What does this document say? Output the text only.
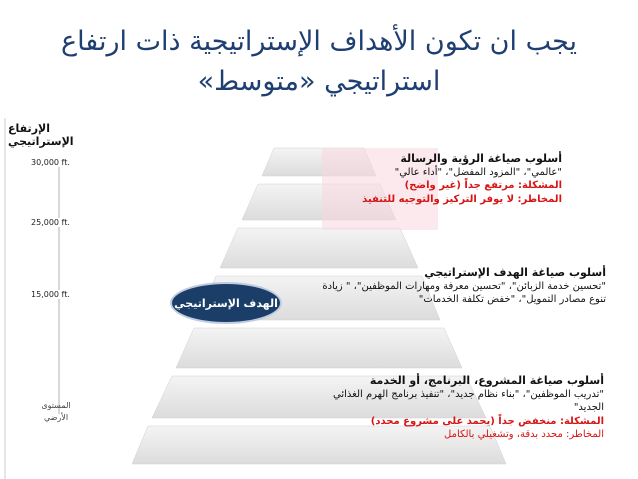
يجب ان تكون الأهداف الإستراتيجية ذات ارتفاع
استراتيجي «متوسط»
الإرتفاع الإستراتيجي
30,000 ft.
25,000 ft.
15,000 ft.
المستوى الأرضي
الهدف الإستراتيجي
أسلوب صياغة الرؤية والرسالة
"عالمي"، "المزود المفضل"، "أداء عالي"
المشكلة: مرتفع جداً (غير واضح)
المخاطر: لا يوفر التركيز والتوجيه للتنفيذ
أسلوب صياغة الهدف الإستراتيجي
"تحسين خدمة الزبائن"، "تحسين معرفة ومهارات الموظفين"، " زيادة
تنوع مصادر التمويل"، "خفض تكلفة الخدمات"
أسلوب صياغة المشروع، البرنامج، أو الخدمة
"تدريب الموظفين"، "بناء نظام جديد"، "تنفيذ برنامج الهرم الغذائي
الجديد"
المشكلة: منخفض جداً (يحمد على مشروع محدد)
المخاطر: محدد بدقة، وتشغيلي بالكامل
